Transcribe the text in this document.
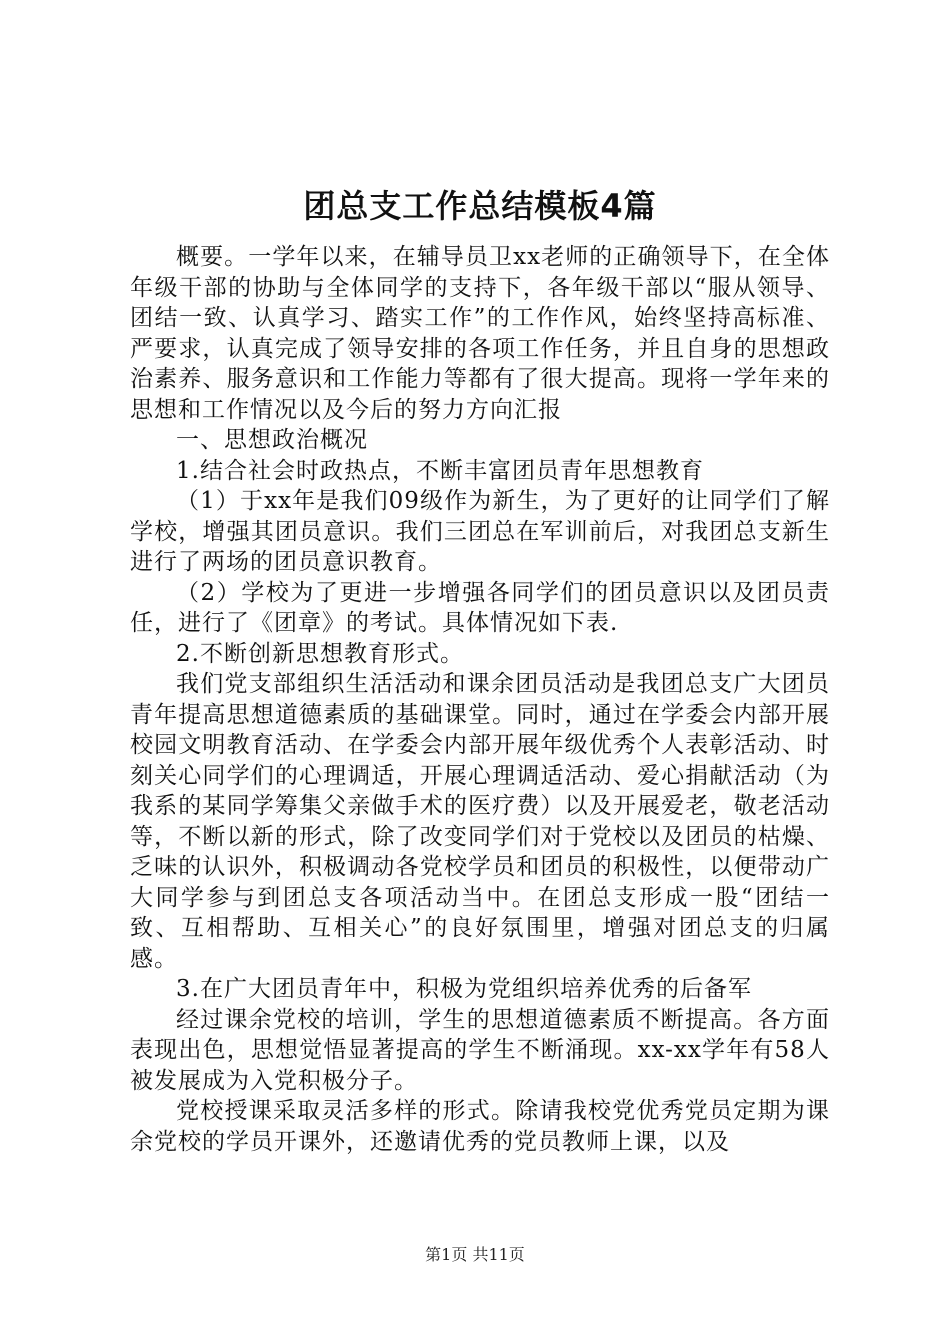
团总支工作总结模板4篇

概要。一学年以来，在辅导员卫xx老师的正确领导下，在全体年级干部的协助与全体同学的支持下，各年级干部以“服从领导、团结一致、认真学习、踏实工作”的工作作风，始终坚持高标准、严要求，认真完成了领导安排的各项工作任务，并且自身的思想政治素养、服务意识和工作能力等都有了很大提高。现将一学年来的思想和工作情况以及今后的努力方向汇报

一、思想政治概况

1.结合社会时政热点，不断丰富团员青年思想教育

（1）于xx年是我们09级作为新生，为了更好的让同学们了解学校，增强其团员意识。我们三团总在军训前后，对我团总支新生进行了两场的团员意识教育。

（2）学校为了更进一步增强各同学们的团员意识以及团员责任，进行了《团章》的考试。具体情况如下表.

2.不断创新思想教育形式。

我们党支部组织生活活动和课余团员活动是我团总支广大团员青年提高思想道德素质的基础课堂。同时，通过在学委会内部开展校园文明教育活动、在学委会内部开展年级优秀个人表彰活动、时刻关心同学们的心理调适，开展心理调适活动、爱心捐献活动（为我系的某同学筹集父亲做手术的医疗费）以及开展爱老，敬老活动等，不断以新的形式，除了改变同学们对于党校以及团员的枯燥、乏味的认识外，积极调动各党校学员和团员的积极性，以便带动广大同学参与到团总支各项活动当中。在团总支形成一股“团结一致、互相帮助、互相关心”的良好氛围里，增强对团总支的归属感。

3.在广大团员青年中，积极为党组织培养优秀的后备军

经过课余党校的培训，学生的思想道德素质不断提高。各方面表现出色，思想觉悟显著提高的学生不断涌现。xx-xx学年有58人被发展成为入党积极分子。

党校授课采取灵活多样的形式。除请我校党优秀党员定期为课余党校的学员开课外，还邀请优秀的党员教师上课，以及

第1页 共11页
